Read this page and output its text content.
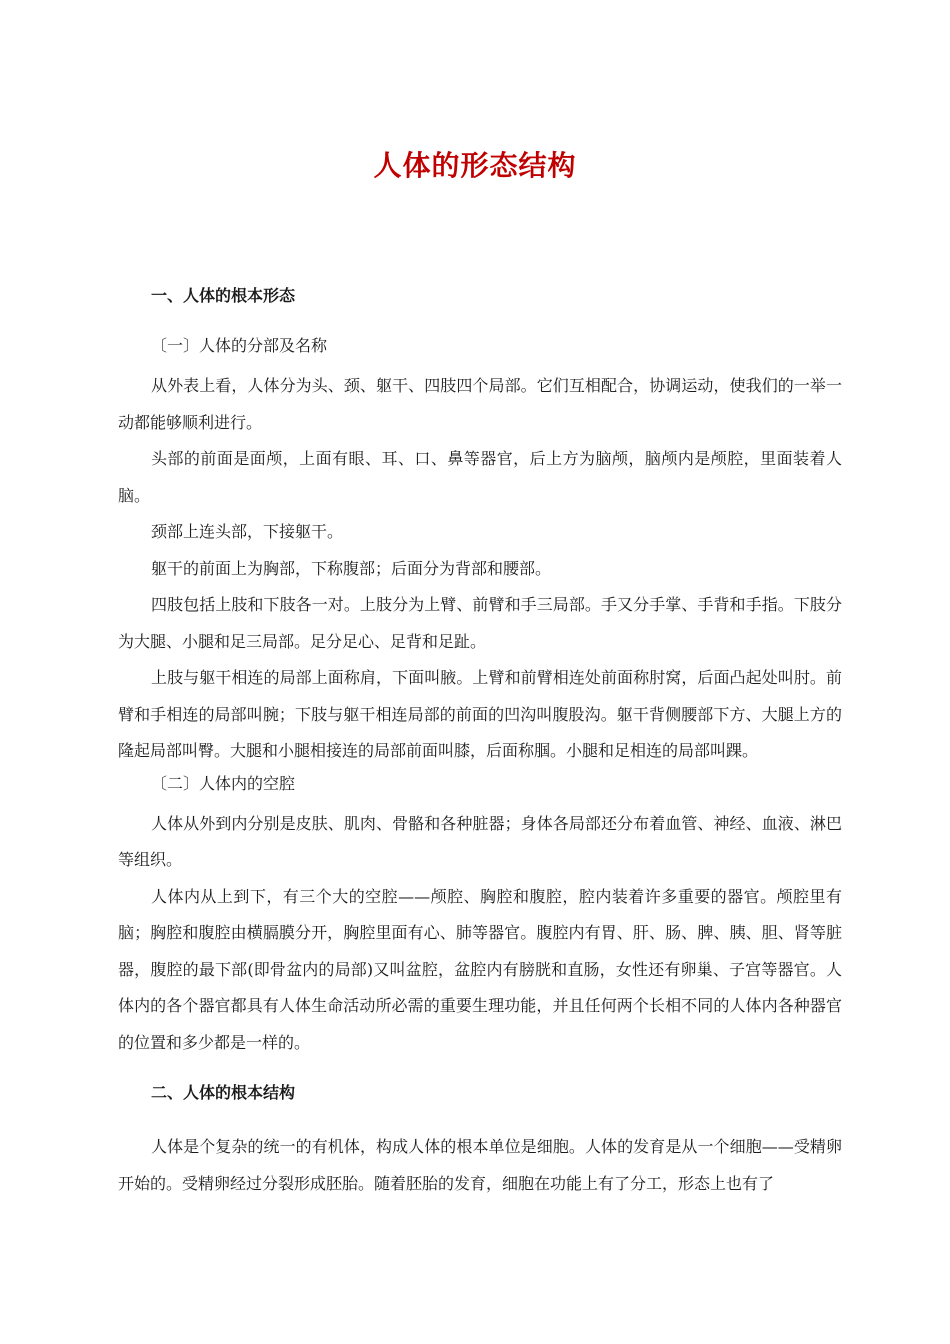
人体的形态结构
一、人体的根本形态
〔一〕人体的分部及名称

从外表上看，人体分为头、颈、躯干、四肢四个局部。它们互相配合，协调运动，使我们的一举一动都能够顺利进行。

头部的前面是面颅，上面有眼、耳、口、鼻等器官，后上方为脑颅，脑颅内是颅腔，里面装着人脑。

颈部上连头部，下接躯干。

躯干的前面上为胸部，下称腹部；后面分为背部和腰部。

四肢包括上肢和下肢各一对。上肢分为上臂、前臂和手三局部。手又分手掌、手背和手指。下肢分为大腿、小腿和足三局部。足分足心、足背和足趾。

上肢与躯干相连的局部上面称肩，下面叫腋。上臂和前臂相连处前面称肘窝，后面凸起处叫肘。前臂和手相连的局部叫腕；下肢与躯干相连局部的前面的凹沟叫腹股沟。躯干背侧腰部下方、大腿上方的隆起局部叫臀。大腿和小腿相接连的局部前面叫膝，后面称腘。小腿和足相连的局部叫踝。

〔二〕人体内的空腔

人体从外到内分别是皮肤、肌肉、骨骼和各种脏器；身体各局部还分布着血管、神经、血液、淋巴等组织。

人体内从上到下，有三个大的空腔——颅腔、胸腔和腹腔，腔内装着许多重要的器官。颅腔里有脑；胸腔和腹腔由横膈膜分开，胸腔里面有心、肺等器官。腹腔内有胃、肝、肠、脾、胰、胆、肾等脏器，腹腔的最下部(即骨盆内的局部)又叫盆腔，盆腔内有膀胱和直肠，女性还有卵巢、子宫等器官。人体内的各个器官都具有人体生命活动所必需的重要生理功能，并且任何两个长相不同的人体内各种器官的位置和多少都是一样的。

二、人体的根本结构

人体是个复杂的统一的有机体，构成人体的根本单位是细胞。人体的发育是从一个细胞——受精卵开始的。受精卵经过分裂形成胚胎。随着胚胎的发育，细胞在功能上有了分工，形态上也有了
